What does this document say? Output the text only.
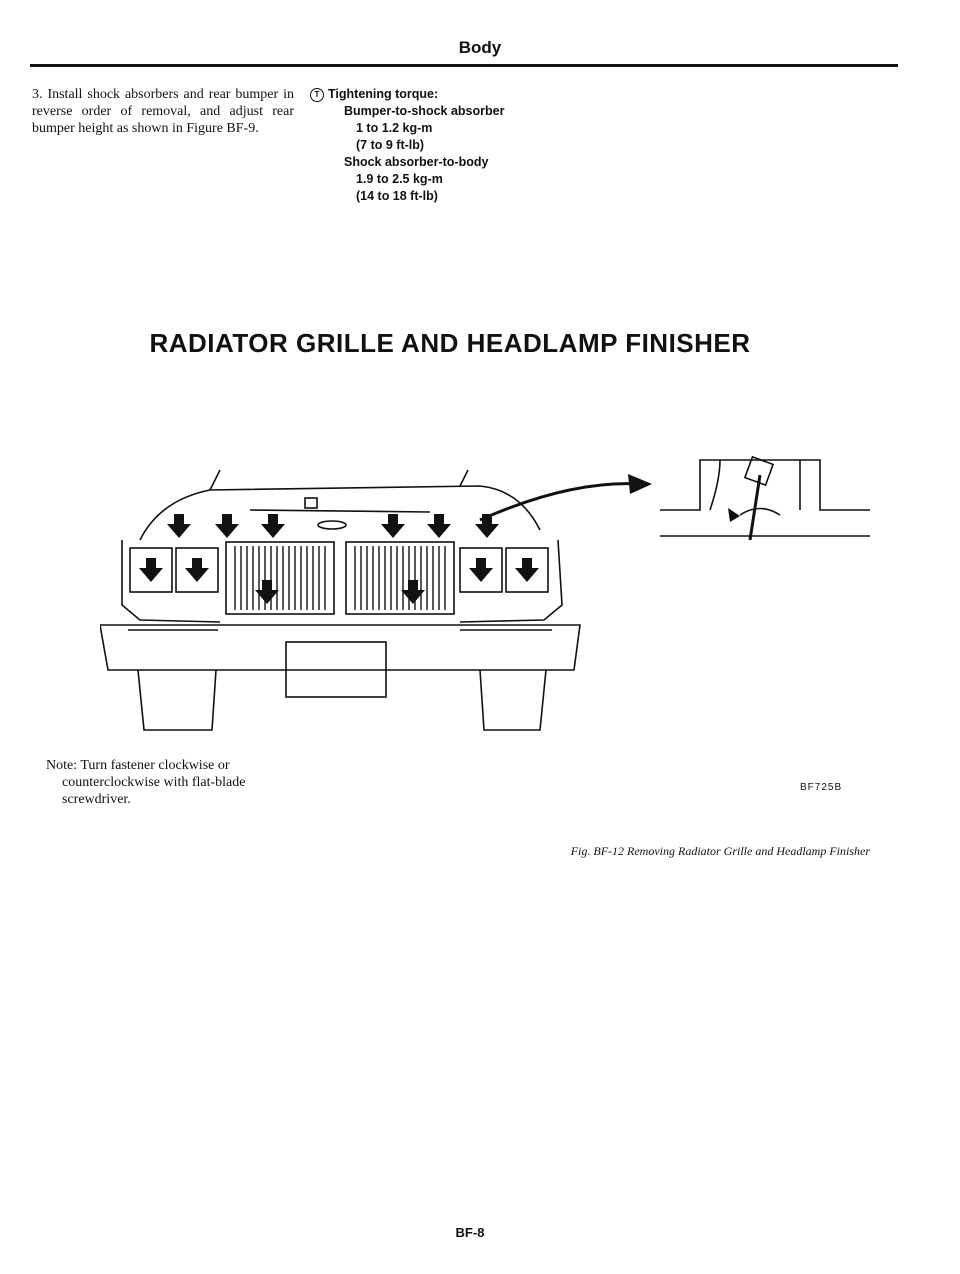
Body
3. Install shock absorbers and rear bumper in reverse order of removal, and adjust rear bumper height as shown in Figure BF-9.
T Tightening torque:
Bumper-to-shock absorber
1 to 1.2 kg-m
(7 to 9 ft-lb)
Shock absorber-to-body
1.9 to 2.5 kg-m
(14 to 18 ft-lb)
RADIATOR GRILLE AND HEADLAMP FINISHER
Note: Turn fastener clockwise or
counterclockwise with flat-blade screwdriver.
BF725B
Fig. BF-12 Removing Radiator Grille and Headlamp Finisher
BF-8
